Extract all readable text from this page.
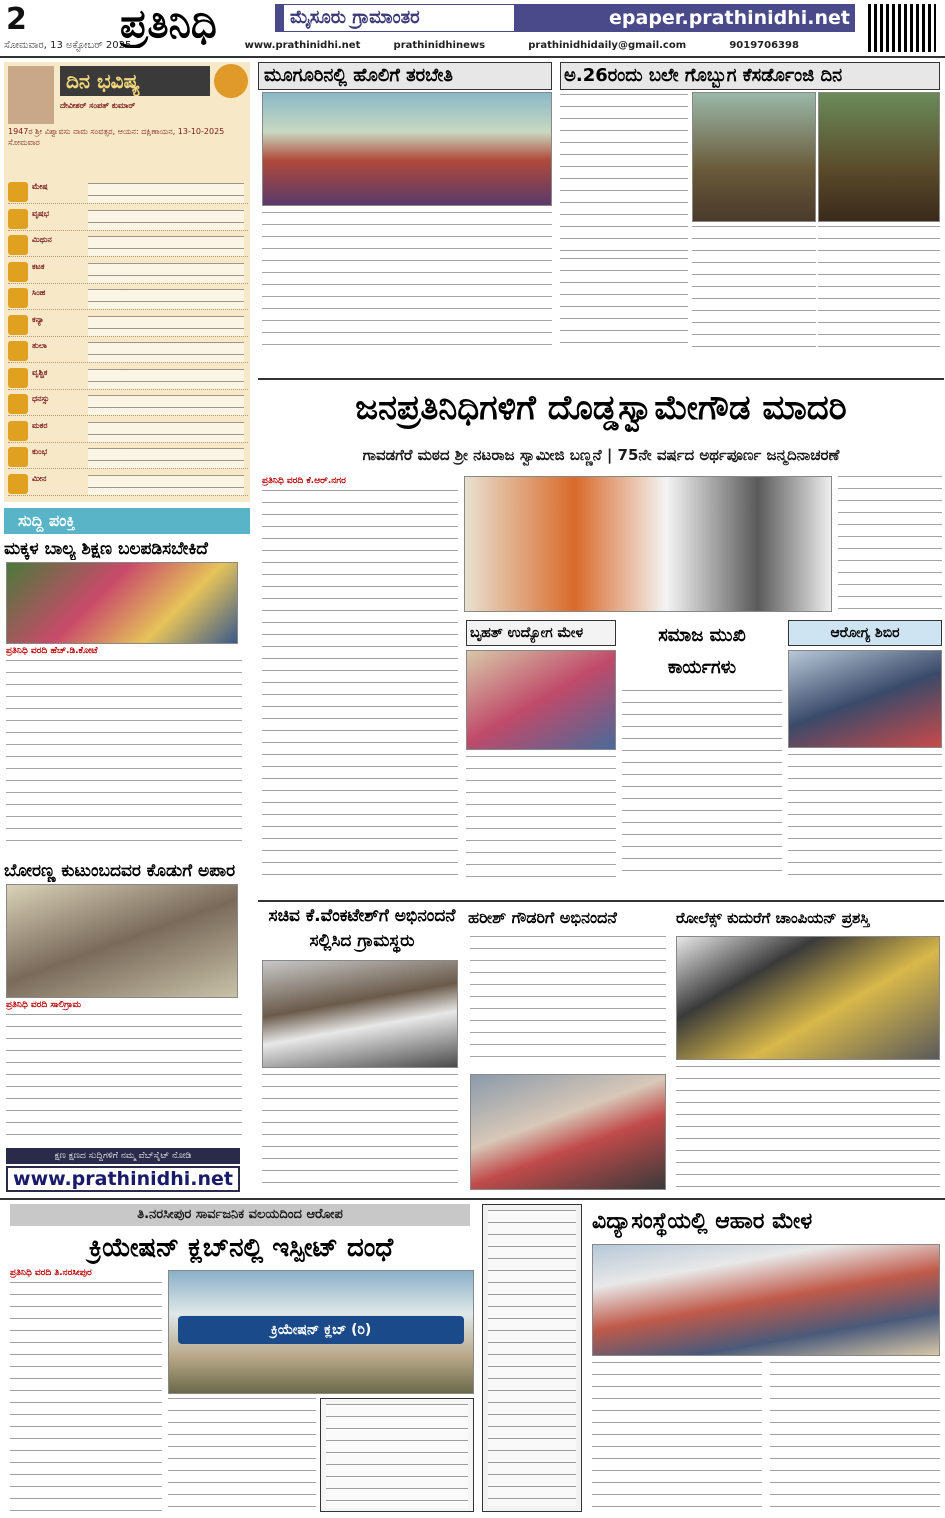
2	ಪ್ರತಿನಿಧಿ	ಮೈಸೂರು ಗ್ರಾಮಾಂತರ	epaper.prathinidhi.net
ಸೋಮವಾರ, 13 ಅಕ್ಟೋಬರ್ 2025	www.prathinidhi.net	prathinidhinews	prathinidhidaily@gmail.com	9019706398
ದಿನ ಭವಿಷ್ಯ
ದೇವೀಶರ್ ಸಂಪತ್ ಕುಮಾರ್
1947ರ ಶ್ರೀ ವಿಶ್ವಾವಸು ನಾಮ ಸಂವತ್ಸರ, ಆಯನ: ದಕ್ಷಿಣಾಯನ, 13-10-2025 ಸೋಮವಾರ
ಮೇಷ
ವೃಷಭ
ಮಿಥುನ
ಕಟಕ
ಸಿಂಹ
ಕನ್ಯಾ
ತುಲಾ
ವೃಶ್ಚಿಕ
ಧನಸ್ಸು
ಮಕರ
ಕುಂಭ
ಮೀನ
ಸುದ್ದಿ ಪಂಕ್ತಿ
ಮಕ್ಕಳ ಬಾಲ್ಯ ಶಿಕ್ಷಣ ಬಲಪಡಿಸಬೇಕಿದೆ
ಪ್ರತಿನಿಧಿ ವರದಿ ಹೆಚ್.ಡಿ.ಕೋಟೆ
ಬೋರಣ್ಣ ಕುಟುಂಬದವರ ಕೊಡುಗೆ ಅಪಾರ
ಪ್ರತಿನಿಧಿ ವರದಿ ಸಾಲಿಗ್ರಾಮ
ಕ್ಷಣ ಕ್ಷಣದ ಸುದ್ದಿಗಳಿಗೆ ನಮ್ಮ ವೆಬ್‌ಸೈಟ್ ನೋಡಿ
www.prathinidhi.net
ಮೂಗೂರಿನಲ್ಲಿ ಹೊಲಿಗೆ ತರಬೇತಿ	ಅ.26ರಂದು ಬಲೇ ಗೊಬ್ಬುಗ ಕೆಸರ್ಡೊಂಜಿ ದಿನ
ಜನಪ್ರತಿನಿಧಿಗಳಿಗೆ ದೊಡ್ಡಸ್ವಾಮೇಗೌಡ ಮಾದರಿ
ಗಾವಡಗೆರೆ ಮಠದ ಶ್ರೀ ನಟರಾಜ ಸ್ವಾಮೀಜಿ ಬಣ್ಣನೆ | 75ನೇ ವರ್ಷದ ಅರ್ಥಪೂರ್ಣ ಜನ್ಮದಿನಾಚರಣೆ
ಪ್ರತಿನಿಧಿ ವರದಿ ಕೆ.ಆರ್.ನಗರ
ಬೃಹತ್ ಉದ್ಯೋಗ ಮೇಳ	ಸಮಾಜ ಮುಖಿ ಕಾರ್ಯಗಳು
ಆರೋಗ್ಯ ಶಿಬಿರ
ಸಚಿವ ಕೆ.ವೆಂಕಟೇಶ್‌ಗೆ ಅಭಿನಂದನೆ ಸಲ್ಲಿಸಿದ ಗ್ರಾಮಸ್ಥರು
ಹರೀಶ್ ಗೌಡರಿಗೆ ಅಭಿನಂದನೆ	ರೋಲೆಕ್ಸ್ ಕುದುರೆಗೆ ಚಾಂಪಿಯನ್ ಪ್ರಶಸ್ತಿ
ತಿ.ನರಸೀಪುರ ಸಾರ್ವಜನಿಕ ವಲಯದಿಂದ ಆರೋಪ
ಕ್ರಿಯೇಷನ್ ಕ್ಲಬ್‌ನಲ್ಲಿ ಇಸ್ಪೀಟ್ ದಂಧೆ
ಪ್ರತಿನಿಧಿ ವರದಿ ತಿ.ನರಸೀಪುರ
ಕ್ರಿಯೇಷನ್ ಕ್ಲಬ್ (ರಿ)
ವಿದ್ಯಾಸಂಸ್ಥೆಯಲ್ಲಿ ಆಹಾರ ಮೇಳ
